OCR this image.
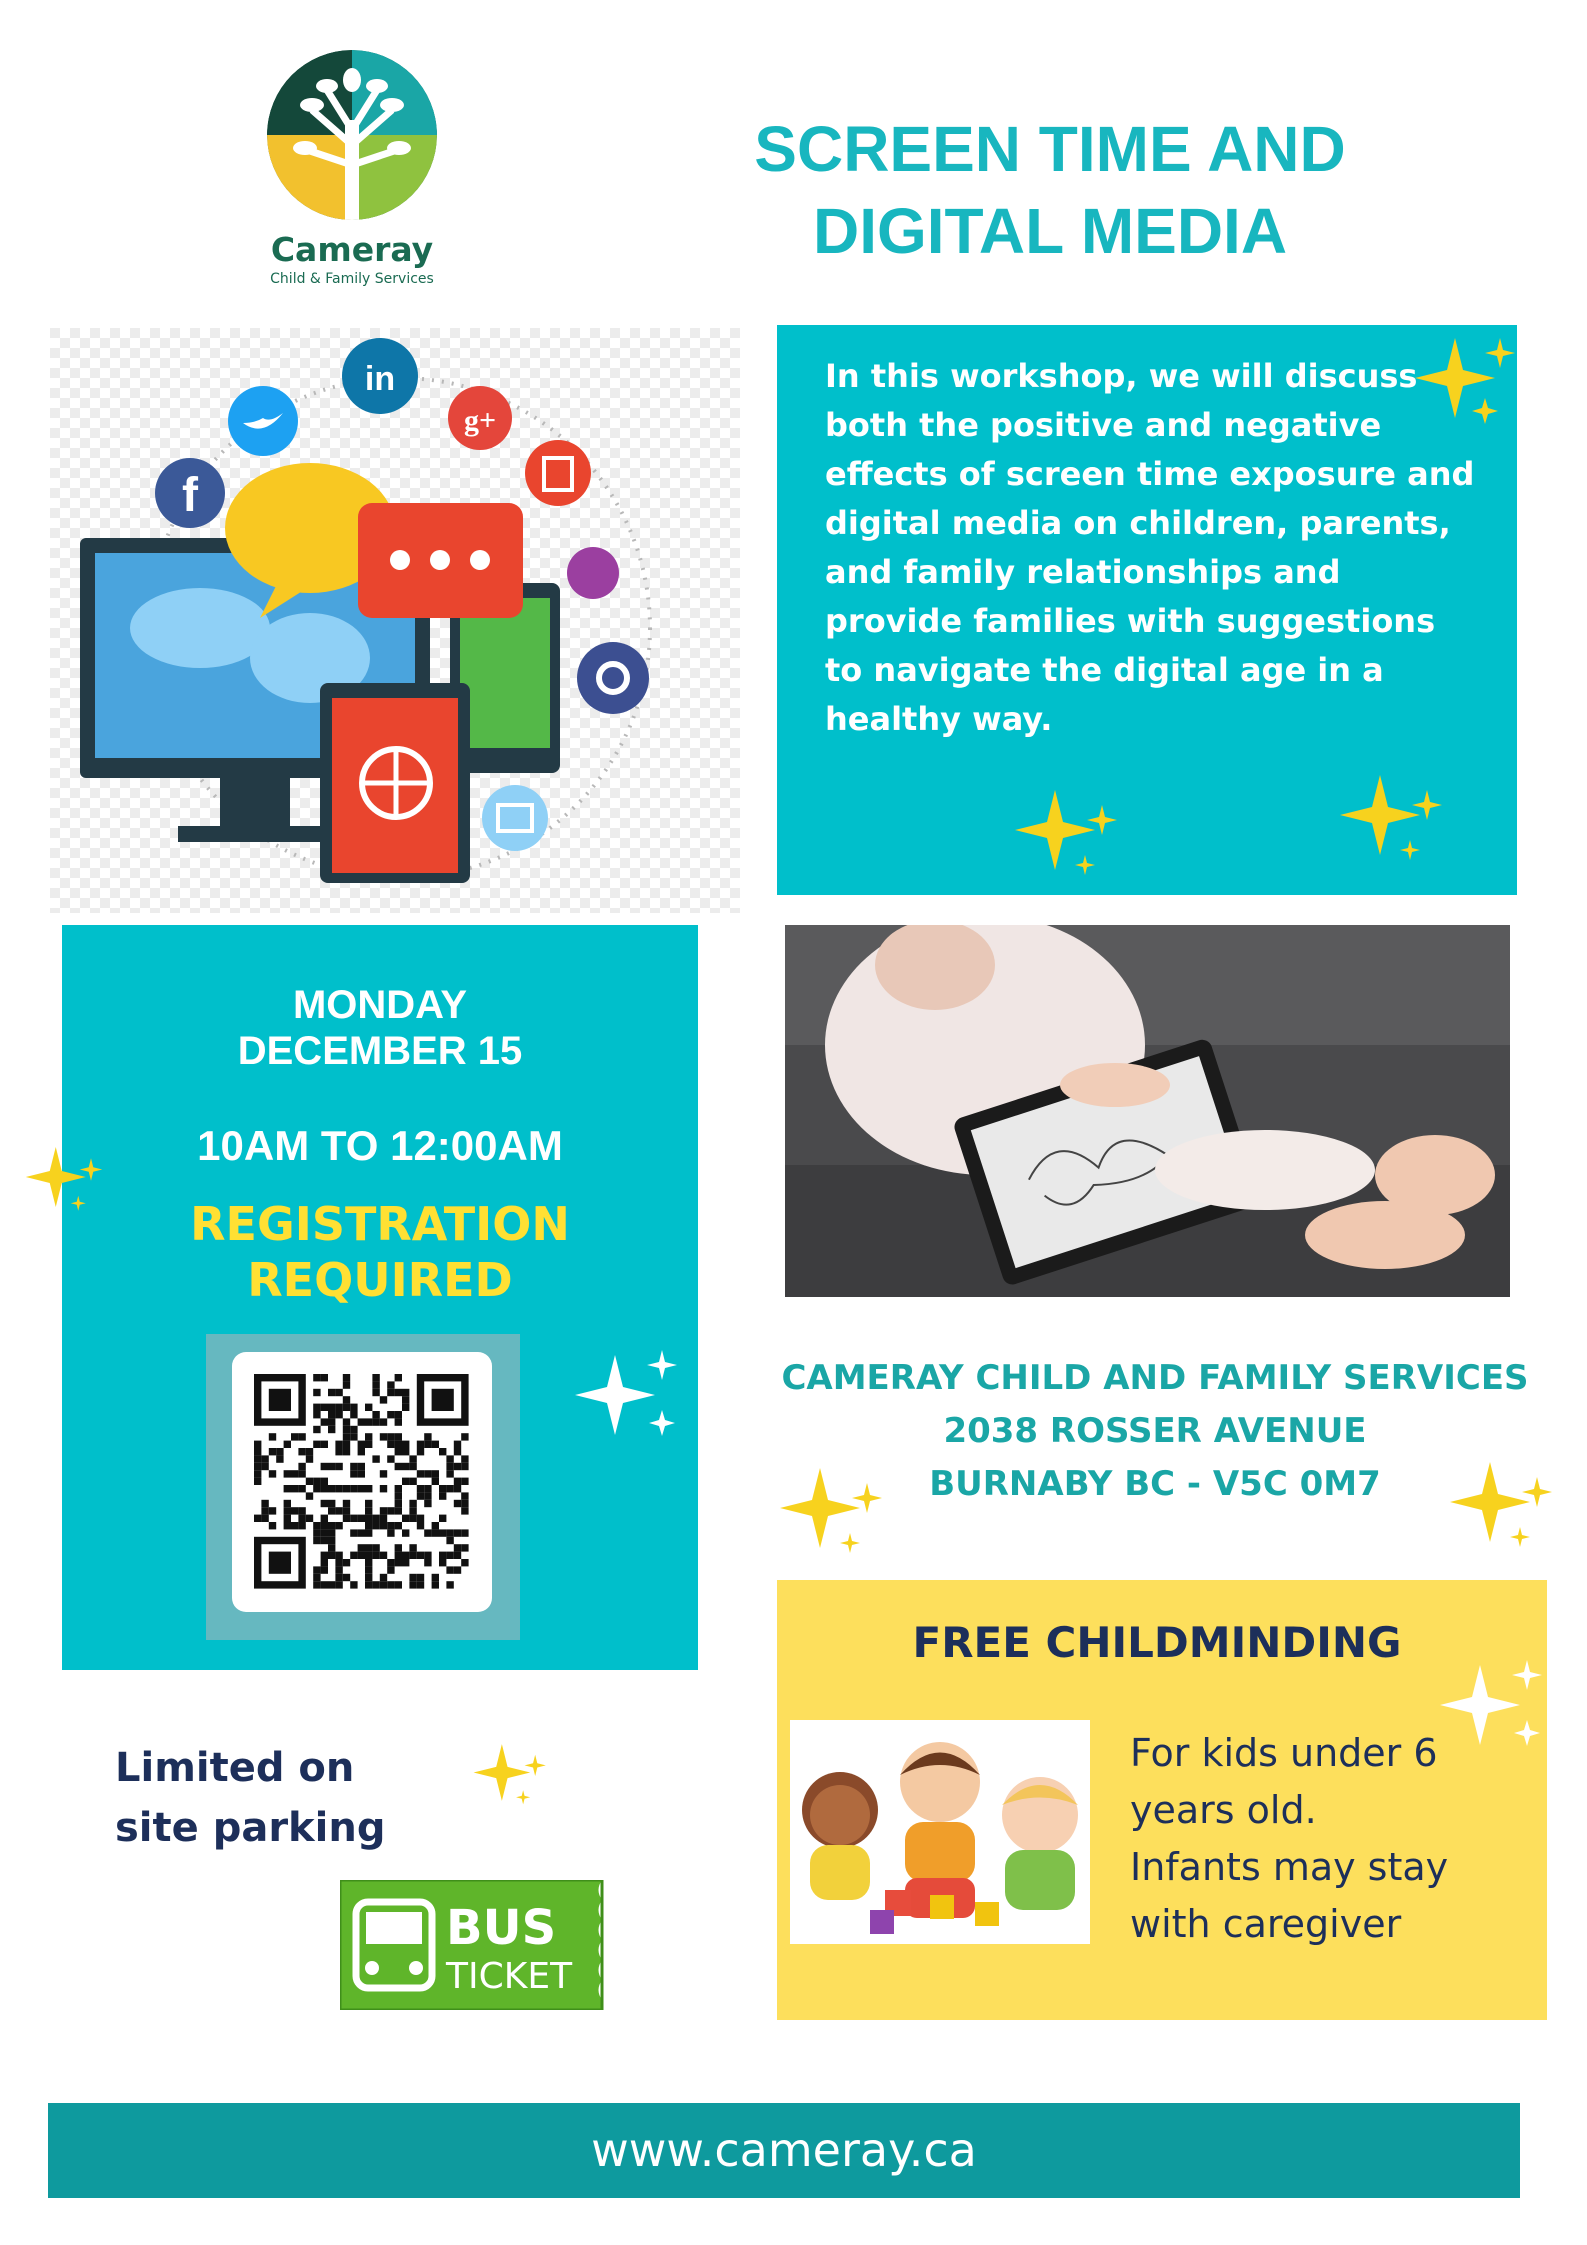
Cameray
Child & Family Services
SCREEN TIME AND
DIGITAL MEDIA
f
in
g+
In this workshop, we will discuss both the positive and negative effects of screen time exposure and digital media on children, parents, and family relationships and provide families with suggestions to navigate the digital age in a healthy way.
MONDAY
DECEMBER 15
10AM TO 12:00AM
REGISTRATION
REQUIRED
CAMERAY CHILD AND FAMILY SERVICES
2038 ROSSER AVENUE
BURNABY BC - V5C 0M7
FREE CHILDMINDING
For kids under 6
years old.
Infants may stay
with caregiver
Limited on
site parking
BUS
TICKET
www.cameray.ca
